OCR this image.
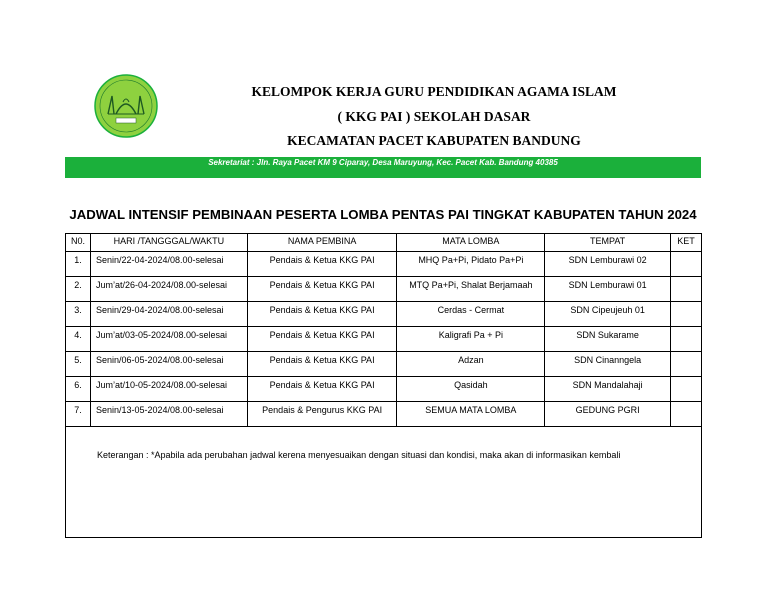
KELOMPOK KERJA GURU PENDIDIKAN AGAMA ISLAM
( KKG PAI ) SEKOLAH DASAR
KECAMATAN PACET KABUPATEN BANDUNG
Sekretariat : Jln. Raya Pacet KM 9 Ciparay, Desa Maruyung, Kec. Pacet Kab. Bandung 40385
JADWAL INTENSIF PEMBINAAN PESERTA LOMBA PENTAS PAI TINGKAT KABUPATEN TAHUN 2024
N0.	HARI /TANGGGAL/WAKTU	NAMA PEMBINA	MATA LOMBA	TEMPAT	KET
1.	Senin/22-04-2024/08.00-selesai	Pendais & Ketua KKG PAI	MHQ Pa+Pi, Pidato Pa+Pi	SDN Lemburawi 02	
2.	Jum’at/26-04-2024/08.00-selesai	Pendais & Ketua KKG PAI	MTQ Pa+Pi, Shalat Berjamaah	SDN Lemburawi 01	
3.	Senin/29-04-2024/08.00-selesai	Pendais & Ketua KKG PAI	Cerdas - Cermat	SDN Cipeujeuh 01	
4.	Jum’at/03-05-2024/08.00-selesai	Pendais & Ketua KKG PAI	Kaligrafi Pa + Pi	SDN Sukarame	
5.	Senin/06-05-2024/08.00-selesai	Pendais & Ketua KKG PAI	Adzan	SDN Cinanngela	
6.	Jum’at/10-05-2024/08.00-selesai	Pendais & Ketua KKG PAI	Qasidah	SDN Mandalahaji	
7.	Senin/13-05-2024/08.00-selesai	Pendais & Pengurus KKG PAI	SEMUA MATA LOMBA	GEDUNG PGRI	
Keterangan : *Apabila ada perubahan jadwal kerena menyesuaikan dengan situasi dan kondisi, maka akan di informasikan kembali					
